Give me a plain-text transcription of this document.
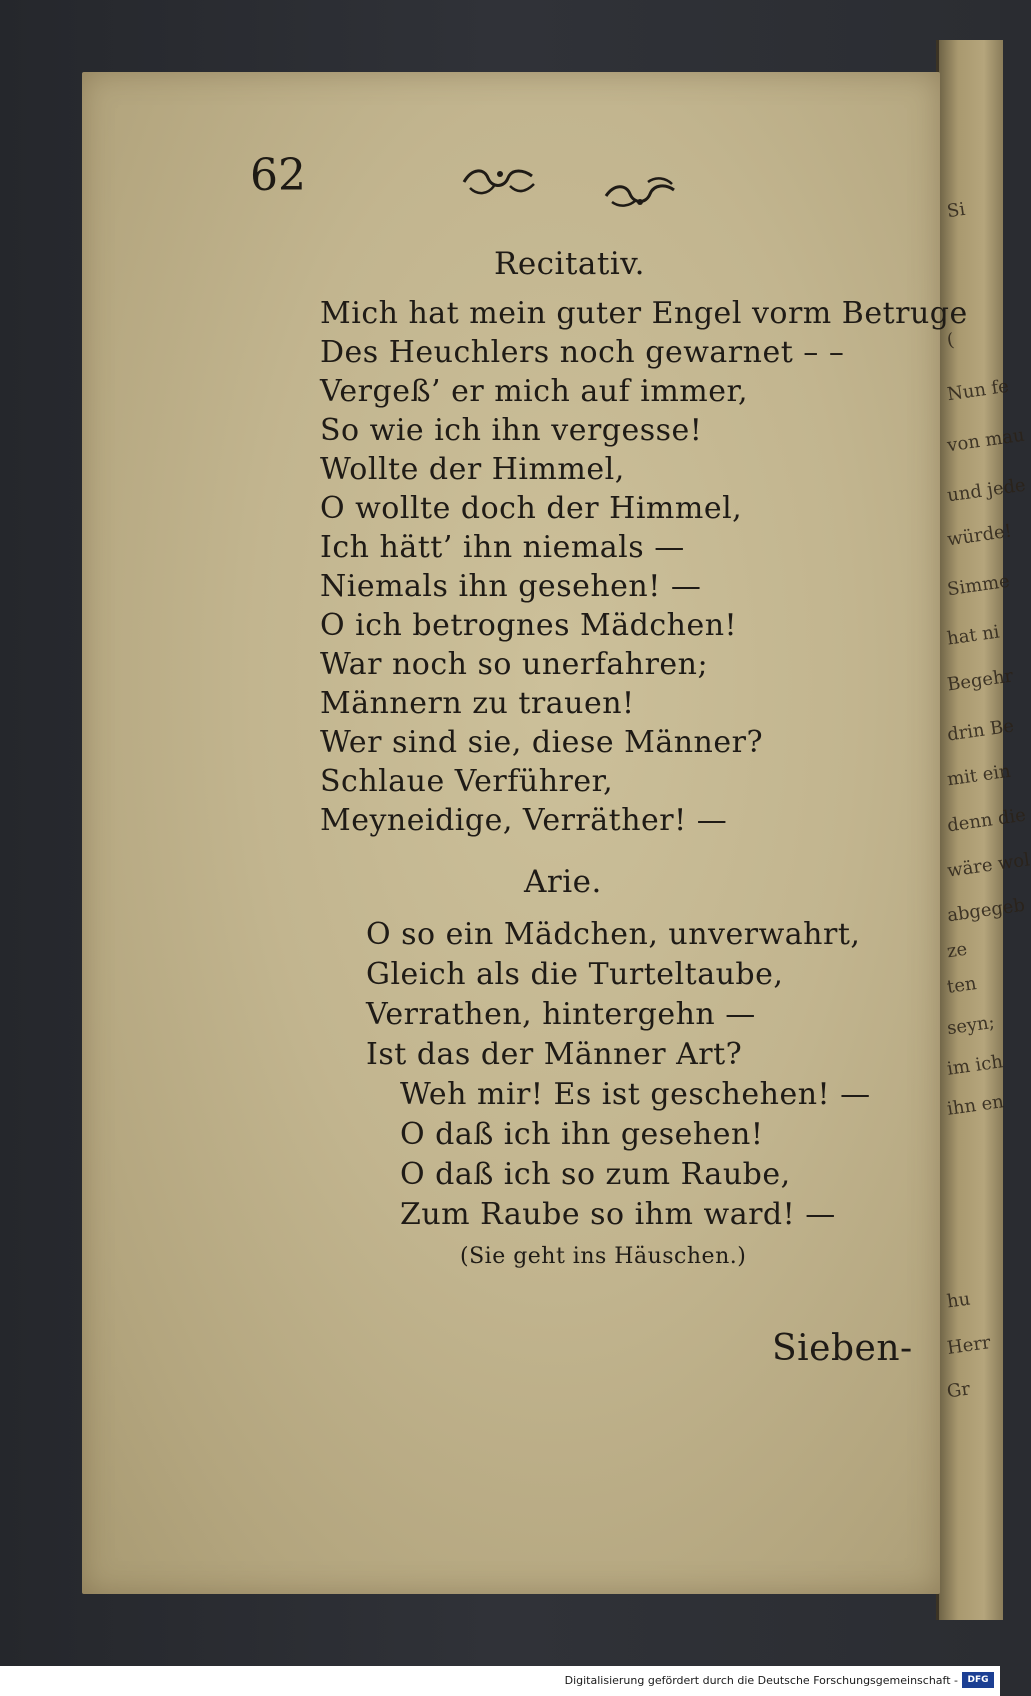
Si
(
Nun fe
von mau
und jede
würde!
Simme
hat ni
Begehr
drin Be
mit ein
denn die
wäre wol
abgegeb
ze
ten
seyn;
im ich
ihn en
hu
Herr
Gr
62
Recitativ.
Mich hat mein guter Engel vorm Betruge
Des Heuchlers noch gewarnet – –
Vergeß’ er mich auf immer,
So wie ich ihn vergesse!
Wollte der Himmel,
O wollte doch der Himmel,
Ich hätt’ ihn niemals —
Niemals ihn gesehen! —
O ich betrognes Mädchen!
War noch so unerfahren;
Männern zu trauen!
Wer sind sie, diese Männer?
Schlaue Verführer,
Meyneidige, Verräther! —
Arie.
O so ein Mädchen, unverwahrt,
Gleich als die Turteltaube,
Verrathen, hintergehn —
Ist das der Männer Art?
Weh mir! Es ist geschehen! —
O daß ich ihn gesehen!
O daß ich so zum Raube,
Zum Raube so ihm ward! —
(Sie geht ins Häuschen.)
Sieben-
Digitalisierung gefördert durch die Deutsche Forschungsgemeinschaft -	DFG
